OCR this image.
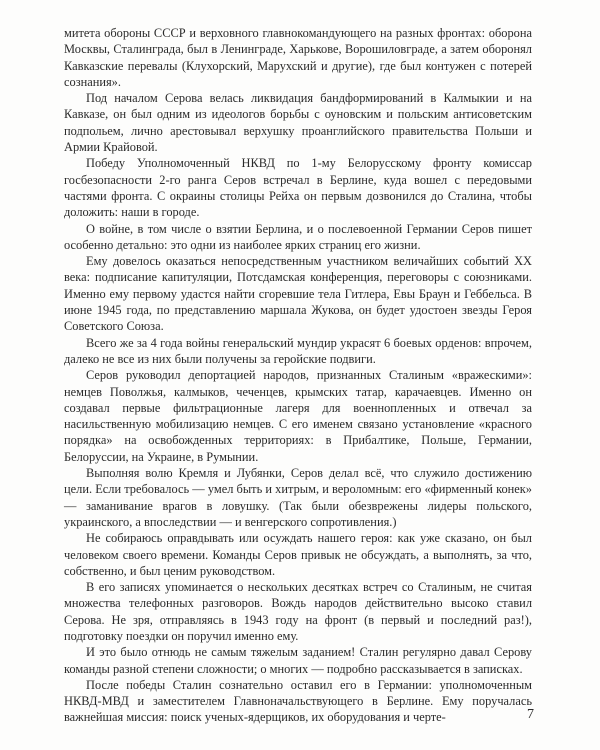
митета обороны СССР и верховного главнокомандующего на разных фронтах: оборона Москвы, Сталинграда, был в Ленинграде, Харькове, Ворошиловграде, а затем оборонял Кавказские перевалы (Клухорский, Марухский и другие), где был контужен с потерей сознания».

Под началом Серова велась ликвидация бандформирований в Калмыкии и на Кавказе, он был одним из идеологов борьбы с оуновским и польским антисоветским подпольем, лично арестовывал верхушку проанглийского правительства Польши и Армии Крайовой.

Победу Уполномоченный НКВД по 1-му Белорусскому фронту комиссар госбезопасности 2-го ранга Серов встречал в Берлине, куда вошел с передовыми частями фронта. С окраины столицы Рейха он первым дозвонился до Сталина, чтобы доложить: наши в городе.

О войне, в том числе о взятии Берлина, и о послевоенной Германии Серов пишет особенно детально: это одни из наиболее ярких страниц его жизни.

Ему довелось оказаться непосредственным участником величайших событий XX века: подписание капитуляции, Потсдамская конференция, переговоры с союзниками. Именно ему первому удастся найти сгоревшие тела Гитлера, Евы Браун и Геббельса. В июне 1945 года, по представлению маршала Жукова, он будет удостоен звезды Героя Советского Союза.

Всего же за 4 года войны генеральский мундир украсят 6 боевых орденов: впрочем, далеко не все из них были получены за геройские подвиги.

Серов руководил депортацией народов, признанных Сталиным «вражескими»: немцев Поволжья, калмыков, чеченцев, крымских татар, карачаевцев. Именно он создавал первые фильтрационные лагеря для военнопленных и отвечал за насильственную мобилизацию немцев. С его именем связано установление «красного порядка» на освобожденных территориях: в Прибалтике, Польше, Германии, Белоруссии, на Украине, в Румынии.

Выполняя волю Кремля и Лубянки, Серов делал всё, что служило достижению цели. Если требовалось — умел быть и хитрым, и вероломным: его «фирменный конек» — заманивание врагов в ловушку. (Так были обезврежены лидеры польского, украинского, а впоследствии — и венгерского сопротивления.)

Не собираюсь оправдывать или осуждать нашего героя: как уже сказано, он был человеком своего времени. Команды Серов привык не обсуждать, а выполнять, за что, собственно, и был ценим руководством.

В его записях упоминается о нескольких десятках встреч со Сталиным, не считая множества телефонных разговоров. Вождь народов действительно высоко ставил Серова. Не зря, отправляясь в 1943 году на фронт (в первый и последний раз!), подготовку поездки он поручил именно ему.

И это было отнюдь не самым тяжелым заданием! Сталин регулярно давал Серову команды разной степени сложности; о многих — подробно рассказывается в записках.

После победы Сталин сознательно оставил его в Германии: уполномоченным НКВД-МВД и заместителем Главноначальствующего в Берлине. Ему поручалась важнейшая миссия: поиск ученых-ядерщиков, их оборудования и черте-	7
